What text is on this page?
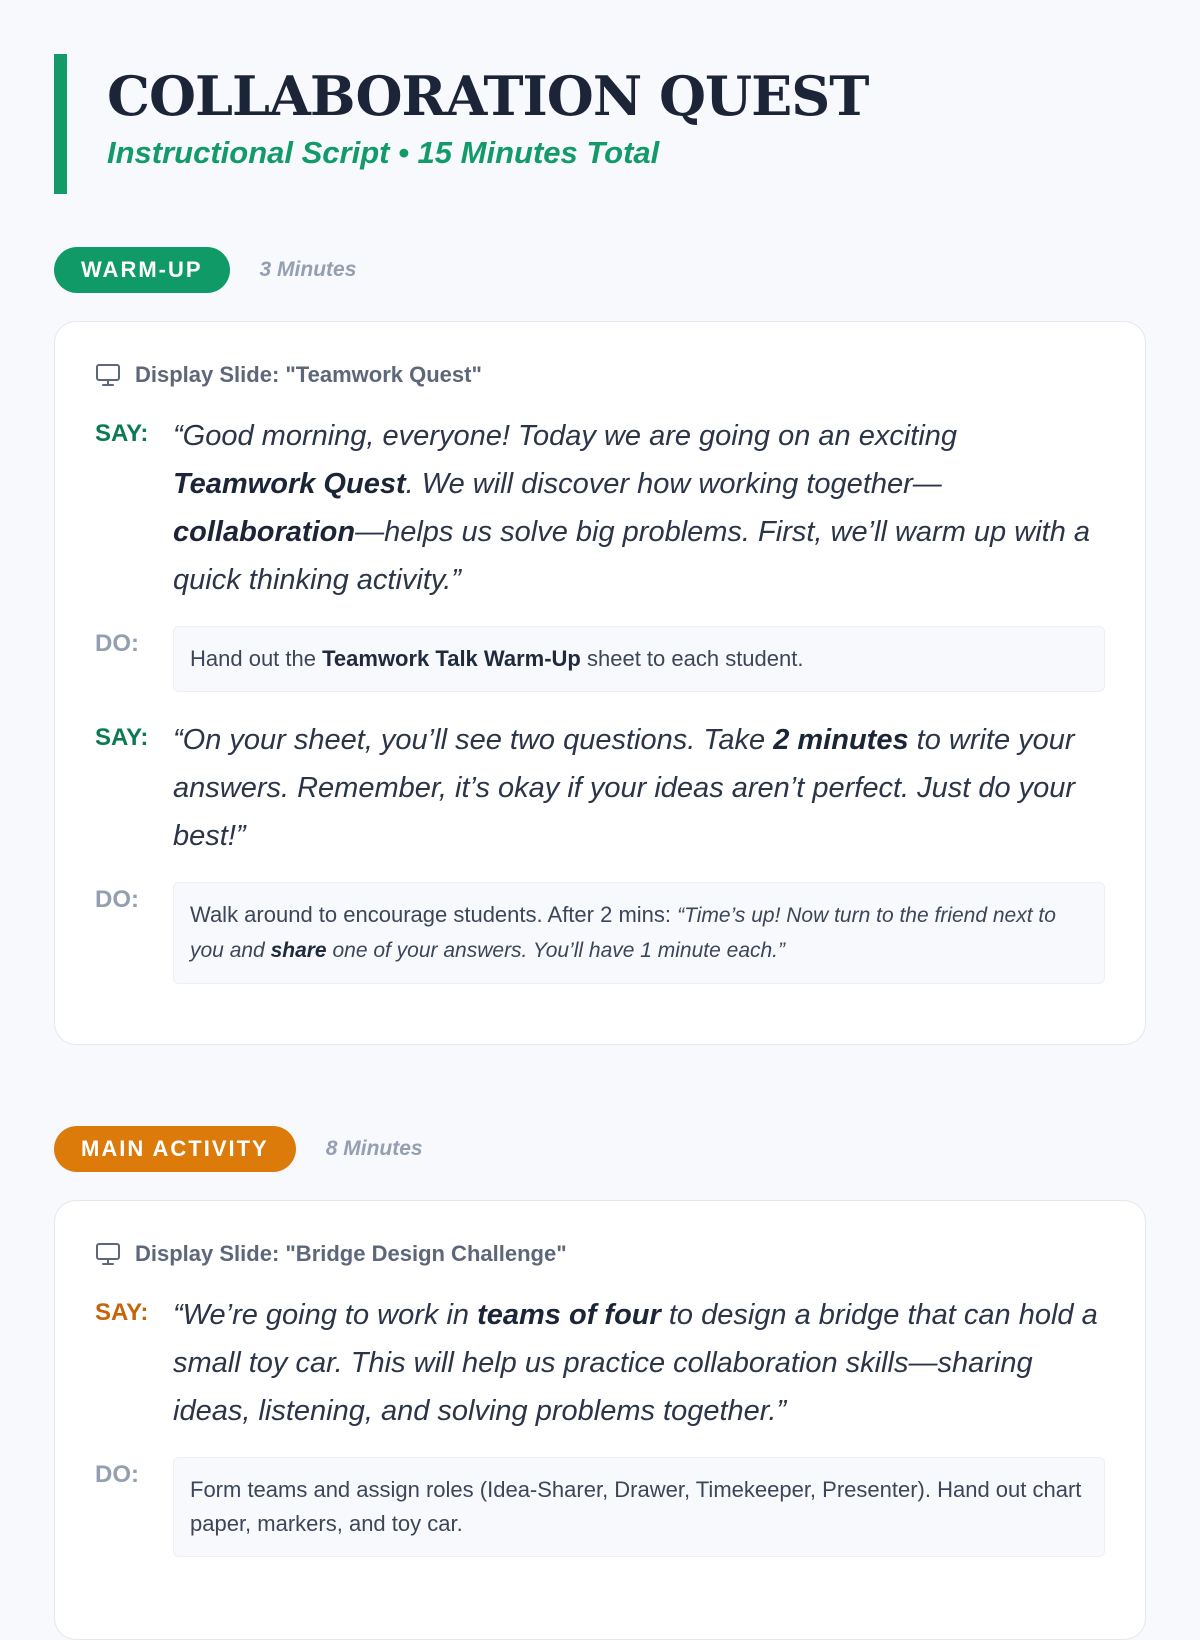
COLLABORATION QUEST
Instructional Script • 15 Minutes Total
WARM-UP	3 Minutes
Display Slide: "Teamwork Quest"
SAY: “Good morning, everyone! Today we are going on an exciting Teamwork Quest. We will discover how working together—collaboration—helps us solve big problems. First, we’ll warm up with a quick thinking activity.”
DO:
Hand out the Teamwork Talk Warm-Up sheet to each student.
SAY: “On your sheet, you’ll see two questions. Take 2 minutes to write your answers. Remember, it’s okay if your ideas aren’t perfect. Just do your best!”
DO:
Walk around to encourage students. After 2 mins: “Time’s up! Now turn to the friend next to you and share one of your answers. You’ll have 1 minute each.”
MAIN ACTIVITY	8 Minutes
Display Slide: "Bridge Design Challenge"
SAY: “We’re going to work in teams of four to design a bridge that can hold a small toy car. This will help us practice collaboration skills—sharing ideas, listening, and solving problems together.”
DO:
Form teams and assign roles (Idea-Sharer, Drawer, Timekeeper, Presenter). Hand out chart paper, markers, and toy car.
